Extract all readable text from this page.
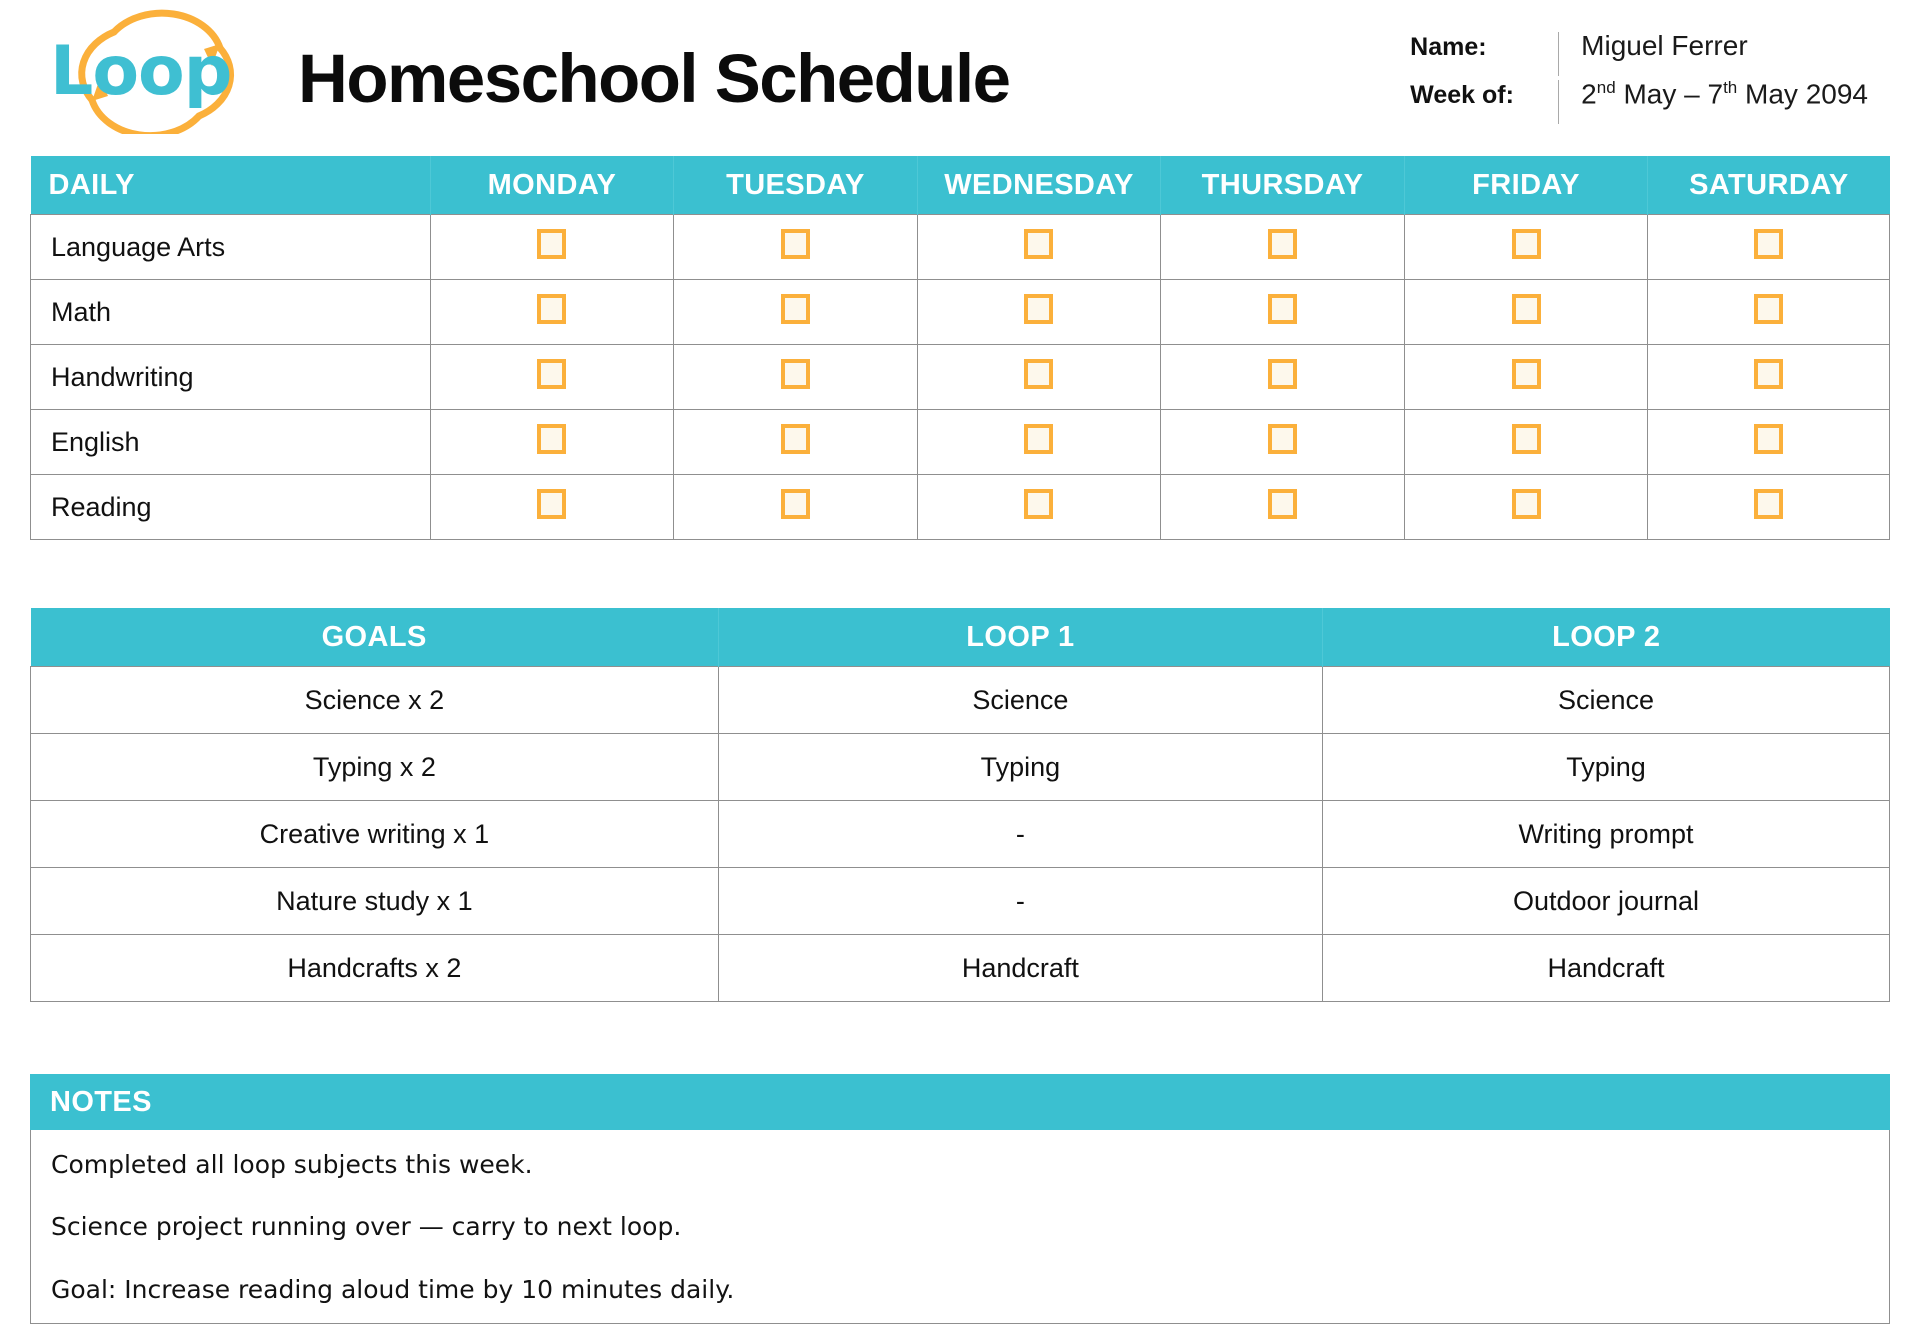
Loop Homeschool Schedule	Name:	Miguel Ferrer
Week of:	2nd May – 7th May 2094
DAILY	MONDAY	TUESDAY	WEDNESDAY	THURSDAY	FRIDAY	SATURDAY
Language Arts						
Math						
Handwriting						
English						
Reading						
GOALS	LOOP 1	LOOP 2
Science x 2	Science	Science
Typing x 2	Typing	Typing
Creative writing x 1	-	Writing prompt
Nature study x 1	-	Outdoor journal
Handcrafts x 2	Handcraft	Handcraft
NOTES
Completed all loop subjects this week.
Science project running over — carry to next loop.
Goal: Increase reading aloud time by 10 minutes daily.
